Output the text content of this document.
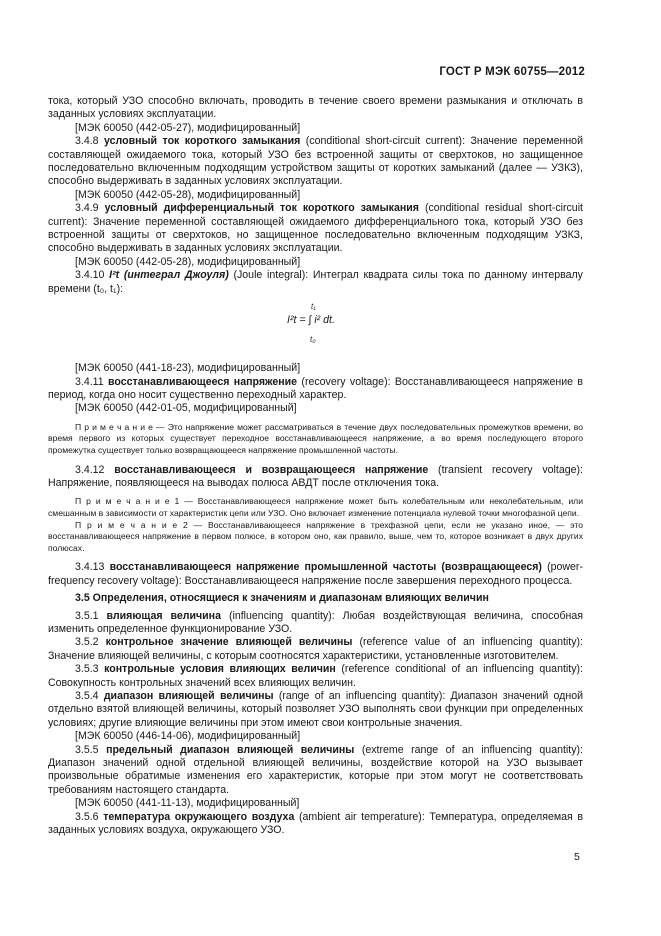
ГОСТ Р МЭК 60755—2012

тока, который УЗО способно включать, проводить в течение своего времени размыкания и отключать в заданных условиях эксплуатации.

[МЭК 60050 (442-05-27), модифицированный]

3.4.8 условный ток короткого замыкания (conditional short-circuit current): Значение переменной составляющей ожидаемого тока, который УЗО без встроенной защиты от сверхтоков, но защищенное последовательно включенным подходящим устройством защиты от коротких замыканий (далее — УЗКЗ), способно выдерживать в заданных условиях эксплуатации.

[МЭК 60050 (442-05-28), модифицированный]

3.4.9 условный дифференциальный ток короткого замыкания (conditional residual short-circuit current): Значение переменной составляющей ожидаемого дифференциального тока, который УЗО без встроенной защиты от сверхтоков, но защищенное последовательно включенным подходящим УЗКЗ, способно выдерживать в заданных условиях эксплуатации.

[МЭК 60050 (442-05-28), модифицированный]

3.4.10 I²t (интеграл Джоуля) (Joule integral): Интеграл квадрата силы тока по данному интервалу времени (t₀, t₁):

t₁
I²t = ∫ i² dt.
t₀

[МЭК 60050 (441-18-23), модифицированный]

3.4.11 восстанавливающееся напряжение (recovery voltage): Восстанавливающееся напряжение в период, когда оно носит существенно переходный характер.

[МЭК 60050 (442-01-05, модифицированный]

П р и м е ч а н и е — Это напряжение может рассматриваться в течение двух последовательных промежутков времени, во время первого из которых существует переходное восстанавливающееся напряжение, а во время последующего второго промежутка существует только возвращающееся напряжение промышленной частоты.

3.4.12 восстанавливающееся и возвращающееся напряжение (transient recovery voltage): Напряжение, появляющееся на выводах полюса АВДТ после отключения тока.

П р и м е ч а н и е 1 — Восстанавливающееся напряжение может быть колебательным или неколебательным, или смешанным в зависимости от характеристик цепи или УЗО. Оно включает изменение потенциала нулевой точки многофазной цепи.

П р и м е ч а н и е 2 — Восстанавливающееся напряжение в трехфазной цепи, если не указано иное, — это восстанавливающееся напряжение в первом полюсе, в котором оно, как правило, выше, чем то, которое возникает в двух других полюсах.

3.4.13 восстанавливающееся напряжение промышленной частоты (возвращающееся) (power-frequency recovery voltage): Восстанавливающееся напряжение после завершения переходного процесса.

3.5 Определения, относящиеся к значениям и диапазонам влияющих величин

3.5.1 влияющая величина (influencing quantity): Любая воздействующая величина, способная изменить определенное функционирование УЗО.

3.5.2 контрольное значение влияющей величины (reference value of an influencing quantity): Значение влияющей величины, с которым соотносятся характеристики, установленные изготовителем.

3.5.3 контрольные условия влияющих величин (reference conditional of an influencing quantity): Совокупность контрольных значений всех влияющих величин.

3.5.4 диапазон влияющей величины (range of an influencing quantity): Диапазон значений одной отдельно взятой влияющей величины, который позволяет УЗО выполнять свои функции при определенных условиях; другие влияющие величины при этом имеют свои контрольные значения.

[МЭК 60050 (446-14-06), модифицированный]

3.5.5 предельный диапазон влияющей величины (extreme range of an influencing quantity): Диапазон значений одной отдельной влияющей величины, воздействие которой на УЗО вызывает произвольные обратимые изменения его характеристик, которые при этом могут не соответствовать требованиям настоящего стандарта.

[МЭК 60050 (441-11-13), модифицированный]

3.5.6 температура окружающего воздуха (ambient air temperature): Температура, определяемая в заданных условиях воздуха, окружающего УЗО.

5
